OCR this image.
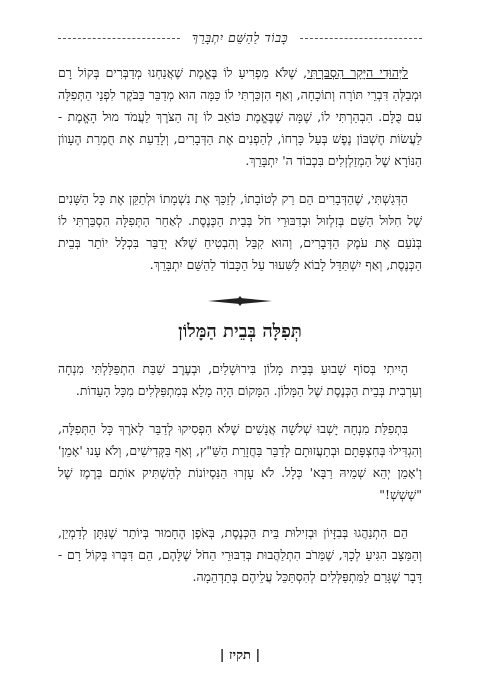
כָּבוֹד לַהַשֵּׁם יִתְבָּרֵךְ

לַיְּהוּדִי הַיָּקָר הִסְבַּרְתִּי, שֶׁלֹּא מַפְרִיעַ לוֹ בֶּאֱמֶת שֶׁאֲנַחְנוּ מְדַבְּרִים בְּקוֹל רָם וּמְבַלְּהַ דִּבְרֵי תּוֹרָה וְתוֹכָחָה, וְאַף הִזְכַּרְתִּי לוֹ כַּמָּה הוּא מְדַבֵּר בַּבֹּקֶר לִפְנֵי הַתְּפִלָּה עִם כֻּלָּם. הִבְהַרְתִּי לוֹ, שֶׁמָּה שֶׁבֶּאֱמֶת כּוֹאֵב לוֹ זֶה הַצֹּרֶךְ לַעֲמֹד מוּל הָאֱמֶת - לַעֲשׂוֹת חֶשְׁבּוֹן נֶפֶשׁ בְּעַל כָּרְחוֹ, לְהַפְנִים אֶת הַדְּבָרִים, וְלָדַעַת אֶת חֻמְרַת הֶעָווֹן הַנּוֹרָא שֶׁל הַמְזַלְזְלִים בִּכְבוֹד ה' יִתְבָּרֵךְ.

הַדְּגַשְׁתִּי, שֶׁהַדְּבָרִים הֵם רַק לְטוֹבָתוֹ, לְזַכֵּךְ אֶת נִשְׁמָתוֹ וּלְתַקֵּן אֶת כָּל הַשָּׁנִים שֶׁל חִלּוּל הַשֵּׁם בְּזִלְזוּל וּבְדִבּוּרֵי חֹל בְּבֵית הַכְּנֶסֶת. לְאַחַר הַתְּפִלָּה הִסְבַּרְתִּי לוֹ בְּנֹעַם אֶת עֹמֶק הַדְּבָרִים, וְהוּא קִבֵּל וְהִבְטִיחַ שֶׁלֹּא יְדַבֵּר בִּכְלָל יוֹתֵר בְּבֵית הַכְּנֶסֶת, וְאַף יִשְׁתַּדֵּל לָבוֹא לַשִּׁעוּר עַל הַכָּבוֹד לַהַשֵּׁם יִתְבָּרֵךְ.

תְּפִלָּה בְּבֵית הַמָּלוֹן

הָיִיתִי בְּסוֹף שָׁבוּעַ בְּבֵית מָלוֹן בִּירוּשָׁלַיִם, וּבְעֶרֶב שַׁבַּת הִתְפַּלַּלְתִּי מִנְחָה וְעַרְבִית בְּבֵית הַכְּנֶסֶת שֶׁל הַמָּלוֹן. הַמָּקוֹם הָיָה מָלֵא בְּמִתְפַּלְּלִים מִכָּל הָעֵדוֹת.

בִּתְפִלַּת מִנְחָה יָשְׁבוּ שְׁלֹשָׁה אֲנָשִׁים שֶׁלֹּא הִפְסִיקוּ לְדַבֵּר לְאֹרֶךְ כָּל הַתְּפִלָּה, וְהִגְדִּילוּ בְּחִצְפָּתָם וּבְתַעֲזוּתָם לְדַבֵּר בַּחֲזָרַת הַשַּׁ"ץ, וְאַף בַּקְּדִישִׁים, וְלֹא עָנוּ 'אָמֵן' וְ'אָמֵן יְהֵא שְׁמֵיהּ רַבָּא' כְּלָל. לֹא עָזְרוּ הַנִּסְיוֹנוֹת לְהַשְׁתִּיק אוֹתָם בְּרֶמֶז שֶׁל "שְׁשְׁשְׁ!"

הֵם הִתְנַהֲגוּ בְּבִזָּיוֹן וּבְזִילוּת בֵּית הַכְּנֶסֶת, בְּאֹפֶן הֶחָמוּר בְּיוֹתֵר שֶׁנִּתָּן לְדַמְיֵן, וְהַמַּצָּב הִגִּיעַ לְכָךְ, שֶׁמֵּרֹב הִתְלַהֲבוּת בְּדִבּוּרֵי הַחֹל שֶׁלָּהֶם, הֵם דִּבְּרוּ בְּקוֹל רָם - דָּבָר שֶׁגָּרַם לַמִּתְפַּלְּלִים לְהִסְתַּכֵּל עֲלֵיהֶם בְּתַדְהֵמָה.

| תקיז |
